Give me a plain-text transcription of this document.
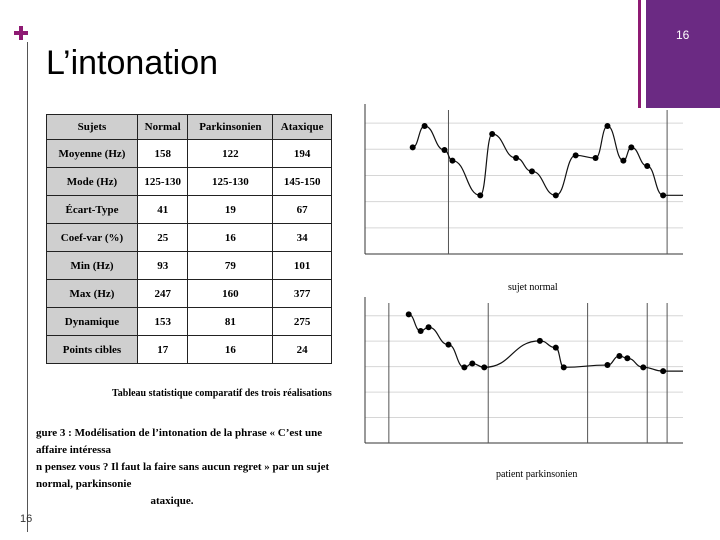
L’intonation
16
Sujets	Normal	Parkinsonien	Ataxique
Moyenne (Hz)	158	122	194
Mode (Hz)	125-130	125-130	145-150
Écart-Type	41	19	67
Coef-var (%)	25	16	34
Min (Hz)	93	79	101
Max (Hz)	247	160	377
Dynamique	153	81	275
Points cibles	17	16	24
Tableau statistique comparatif des trois réalisations
gure 3 : Modélisation de l’intonation de la phrase « C’est une affaire intéressa
n pensez vous ? Il faut la faire sans aucun regret » par un sujet normal, parkinsonie

ataxique.
sujet normal
patient parkinsonien
16
